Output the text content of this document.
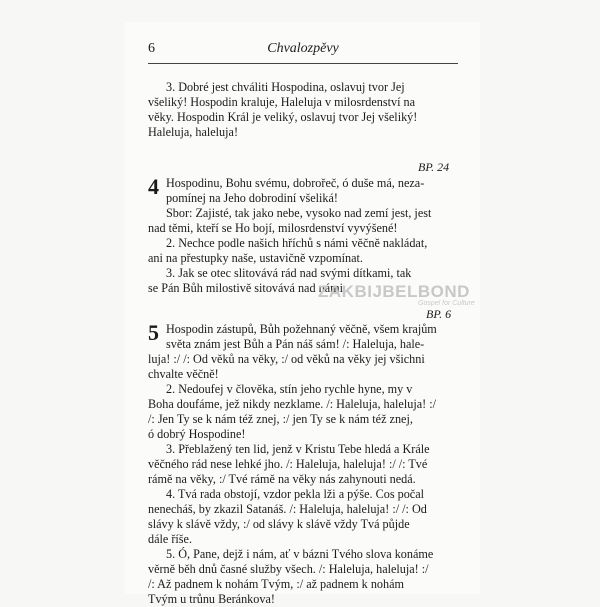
6	Chvalozpěvy

3. Dobré jest chváliti Hospodina, oslavuj tvor Jej

všeliký! Hospodin kraluje, Haleluja v milosrdenství na

věky. Hospodin Král je veliký, oslavuj tvor Jej všeliký!

Haleluja, haleluja!

BP. 24
4 Hospodinu, Bohu svému, dobrořeč, ó duše má, neza-

pomínej na Jeho dobrodiní všeliká!

Sbor: Zajisté, tak jako nebe, vysoko nad zemí jest, jest

nad těmi, kteří se Ho bojí, milosrdenství vyvýšené!

2. Nechce podle našich hříchů s námi věčně nakládat,

ani na přestupky naše, ustavičně vzpomínat.

3. Jak se otec slitovává rád nad svými dítkami, tak

se Pán Bůh milostivě sitovává nad námi.

ZAKBIJBELBOND
Gospel for Culture
BP. 6
5 Hospodin zástupů, Bůh požehnaný věčně, všem krajům

světa znám jest Bůh a Pán náš sám! /: Haleluja, hale-

luja! :/ /: Od věků na věky, :/ od věků na věky jej všichni

chvalte věčně!

2. Nedoufej v člověka, stín jeho rychle hyne, my v

Boha doufáme, jež nikdy nezklame. /: Haleluja, haleluja! :/

/: Jen Ty se k nám též znej, :/ jen Ty se k nám též znej,

ó dobrý Hospodine!

3. Přeblažený ten lid, jenž v Kristu Tebe hledá a Krále

věčného rád nese lehké jho. /: Haleluja, haleluja! :/ /: Tvé

rámě na věky, :/ Tvé rámě na věky nás zahynouti nedá.

4. Tvá rada obstojí, vzdor pekla lži a pýše. Cos počal

nenecháš, by zkazil Satanáš. /: Haleluja, haleluja! :/ /: Od

slávy k slávě vždy, :/ od slávy k slávě vždy Tvá půjde

dále říše.

5. Ó, Pane, dejž i nám, ať v bázni Tvého slova konáme

věrně běh dnů časné služby všech. /: Haleluja, haleluja! :/

/: Až padnem k nohám Tvým, :/ až padnem k nohám

Tvým u trůnu Beránkova!
